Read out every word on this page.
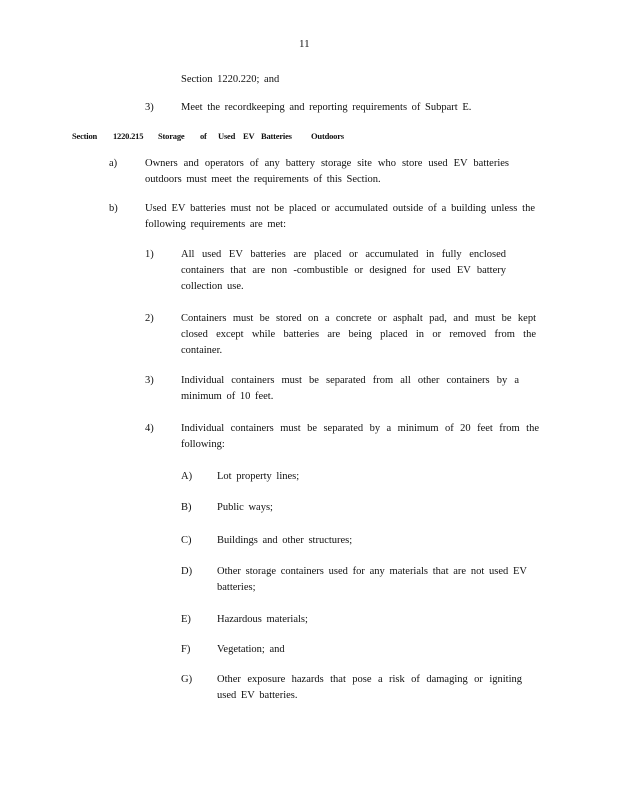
11
Section 1220.220; and
3)	Meet the recordkeeping and reporting requirements of Subpart E.
Section 1220.215 Storage of Used EV Batteries Outdoors
a)	Owners and operators of any battery storage site who store used EV batteries outdoors must meet the requirements of this Section.
b)	Used EV batteries must not be placed or accumulated outside of a building unless the following requirements are met:
1)	All used EV batteries are placed or accumulated in fully enclosed containers that are non -combustible or designed for used EV battery collection use.
2)	Containers must be stored on a concrete or asphalt pad, and must be kept closed except while batteries are being placed in or removed from the container.
3)	Individual containers must be separated from all other containers by a minimum of 10 feet.
4)	Individual containers must be separated by a minimum of 20 feet from the following:
A) Lot property lines;
B) Public ways;
C) Buildings and other structures;
D) Other storage containers used for any materials that are not used EV batteries;
E) Hazardous materials;
F)	Vegetation; and
G) Other exposure hazards that pose a risk of damaging or igniting used EV batteries.
